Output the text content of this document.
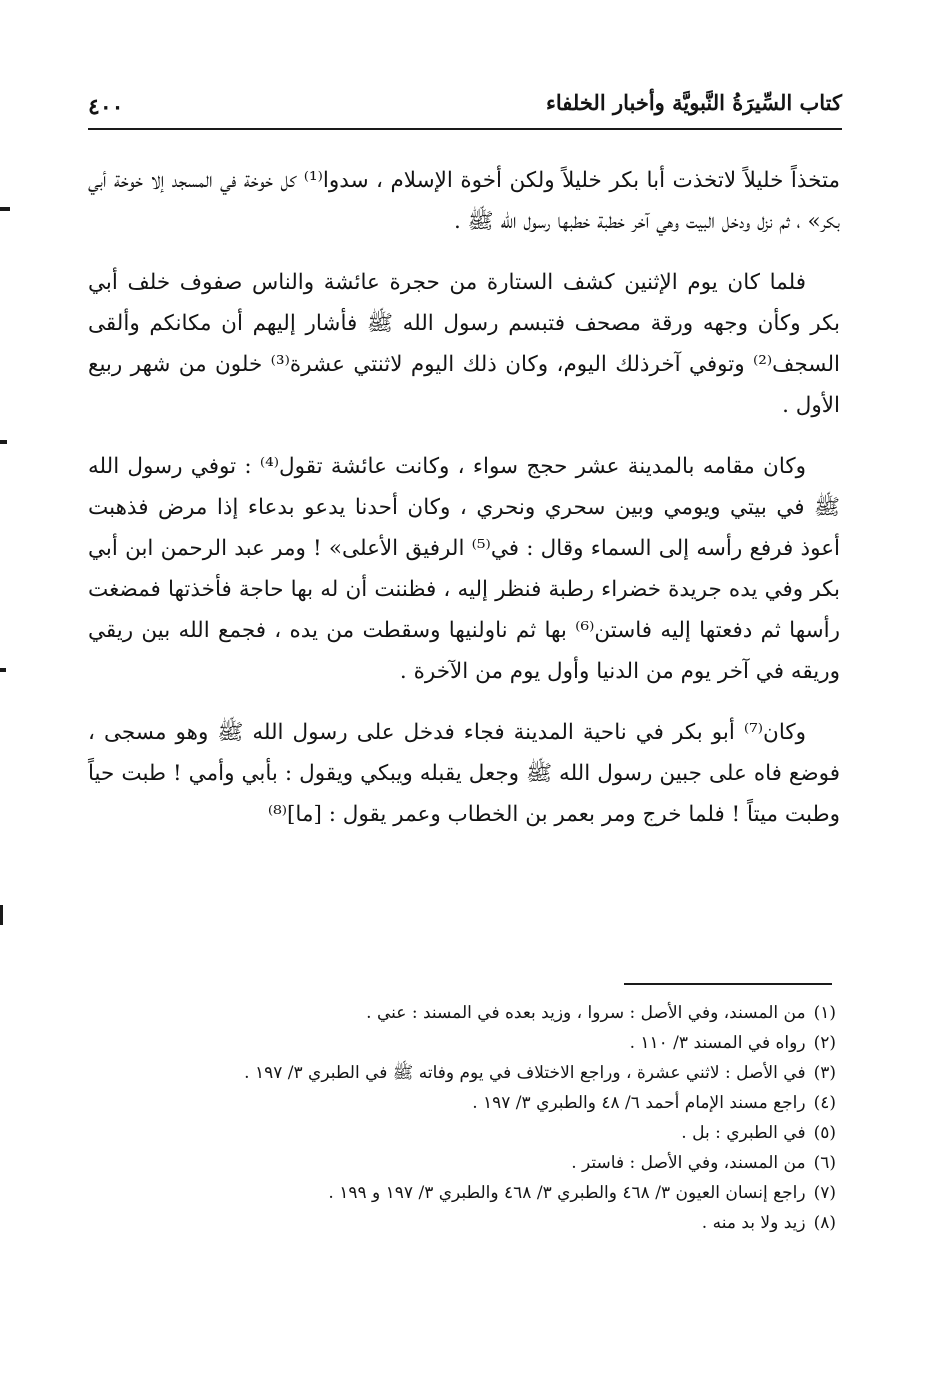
كتاب السِّيرَةُ النَّبويَّة وأخبار الخلفاء
٤٠٠

متخذاً خليلاً لاتخذت أبا بكر خليلاً ولكن أخوة الإسلام ، سدوا⁽¹⁾ كل خوخة في المسجد إلا خوخة أبي بكر» ، ثم نزل ودخل البيت وهي آخر خطبة خطبها رسول الله ﷺ .

فلما كان يوم الإثنين كشف الستارة من حجرة عائشة والناس صفوف خلف أبي بكر وكأن وجهه ورقة مصحف فتبسم رسول الله ﷺ فأشار إليهم أن مكانكم وألقى السجف⁽²⁾ وتوفي آخرذلك اليوم، وكان ذلك اليوم لاثنتي عشرة⁽³⁾ خلون من شهر ربيع الأول .

وكان مقامه بالمدينة عشر حجج سواء ، وكانت عائشة تقول⁽⁴⁾ : توفي رسول الله ﷺ في بيتي ويومي وبين سحري ونحري ، وكان أحدنا يدعو بدعاء إذا مرض فذهبت أعوذ فرفع رأسه إلى السماء وقال : في⁽⁵⁾ الرفيق الأعلى» ! ومر عبد الرحمن ابن أبي بكر وفي يده جريدة خضراء رطبة فنظر إليه ، فظننت أن له بها حاجة فأخذتها فمضغت رأسها ثم دفعتها إليه فاستن⁽⁶⁾ بها ثم ناولنيها وسقطت من يده ، فجمع الله بين ريقي وريقه في آخر يوم من الدنيا وأول يوم من الآخرة .

وكان⁽⁷⁾ أبو بكر في ناحية المدينة فجاء فدخل على رسول الله ﷺ وهو مسجى ، فوضع فاه على جبين رسول الله ﷺ وجعل يقبله ويبكي ويقول : بأبي وأمي ! طبت حياً وطبت ميتاً ! فلما خرج ومر بعمر بن الخطاب وعمر يقول : [ما]⁽⁸⁾

(١)من المسند، وفي الأصل : سروا ، وزيد بعده في المسند : عني .
(٢)رواه في المسند ٣/ ١١٠ .
(٣)في الأصل : لاثني عشرة ، وراجع الاختلاف في يوم وفاته ﷺ في الطبري ٣/ ١٩٧ .
(٤)راجع مسند الإمام أحمد ٦/ ٤٨ والطبري ٣/ ١٩٧ .
(٥)في الطبري : بل .
(٦)من المسند، وفي الأصل : فاستر .
(٧)راجع إنسان العيون ٣/ ٤٦٨ والطبري ٣/ ٤٦٨ والطبري ٣/ ١٩٧ و ١٩٩ .
(٨)زيد ولا بد منه .
